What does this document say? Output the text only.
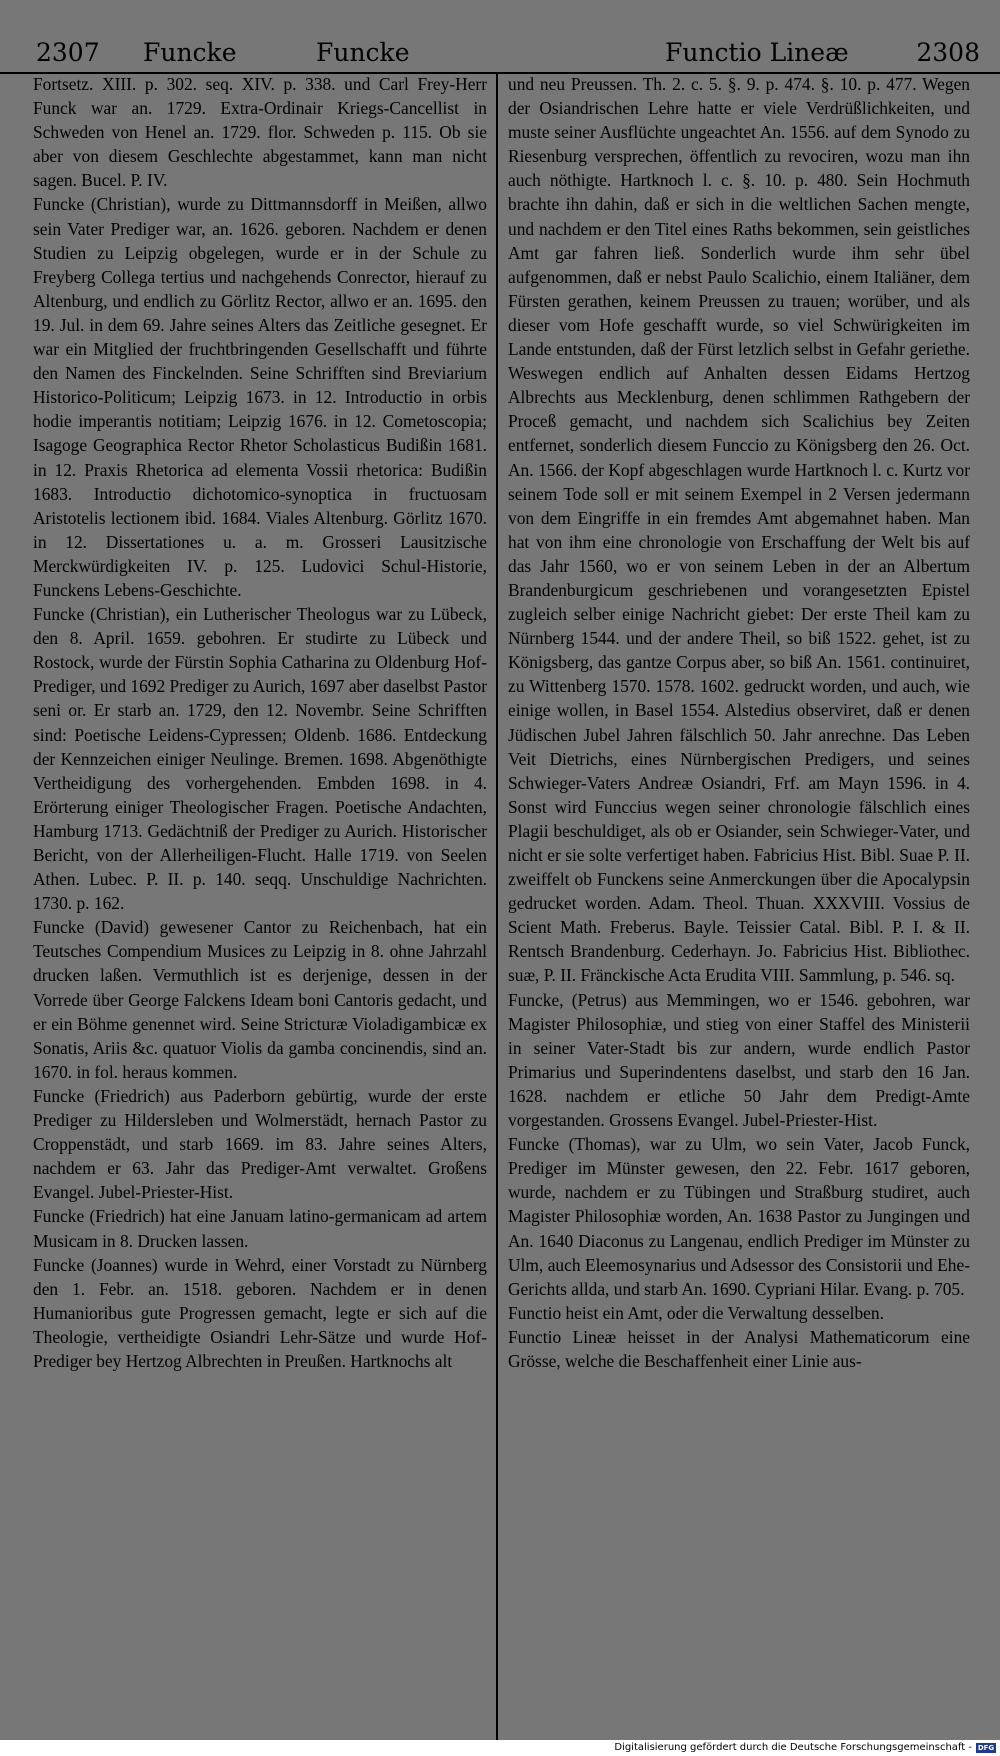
2307 Funcke	Funcke	Functio Lineæ	2308

Fortsetz. XIII. p. 302. seq. XIV. p. 338. und Carl Frey-Herr Funck war an. 1729. Extra-Ordinair Kriegs-Cancellist in Schweden von Henel an. 1729. flor. Schweden p. 115. Ob sie aber von diesem Geschlechte abgestammet, kann man nicht sagen. Bucel. P. IV.

Funcke (Christian), wurde zu Dittmannsdorff in Meißen, allwo sein Vater Prediger war, an. 1626. geboren. Nachdem er denen Studien zu Leipzig obgelegen, wurde er in der Schule zu Freyberg Collega tertius und nachgehends Conrector, hierauf zu Altenburg, und endlich zu Görlitz Rector, allwo er an. 1695. den 19. Jul. in dem 69. Jahre seines Alters das Zeitliche gesegnet. Er war ein Mitglied der fruchtbringenden Gesellschafft und führte den Namen des Finckelnden. Seine Schrifften sind Breviarium Historico-Politicum; Leipzig 1673. in 12. Introductio in orbis hodie imperantis notitiam; Leipzig 1676. in 12. Cometoscopia; Isagoge Geographica Rector Rhetor Scholasticus Budißin 1681. in 12. Praxis Rhetorica ad elementa Vossii rhetorica: Budißin 1683. Introductio dichotomico-synoptica in fructuosam Aristotelis lectionem ibid. 1684. Viales Altenburg. Görlitz 1670. in 12. Dissertationes u. a. m. Grosseri Lausitzische Merckwürdigkeiten IV. p. 125. Ludovici Schul-Historie, Funckens Lebens-Geschichte.

Funcke (Christian), ein Lutherischer Theologus war zu Lübeck, den 8. April. 1659. gebohren. Er studirte zu Lübeck und Rostock, wurde der Fürstin Sophia Catharina zu Oldenburg Hof-Prediger, und 1692 Prediger zu Aurich, 1697 aber daselbst Pastor seni or. Er starb an. 1729, den 12. Novembr. Seine Schrifften sind: Poetische Leidens-Cypressen; Oldenb. 1686. Entdeckung der Kennzeichen einiger Neulinge. Bremen. 1698. Abgenöthigte Vertheidigung des vorhergehenden. Embden 1698. in 4. Erörterung einiger Theologischer Fragen. Poetische Andachten, Hamburg 1713. Gedächtniß der Prediger zu Aurich. Historischer Bericht, von der Allerheiligen-Flucht. Halle 1719. von Seelen Athen. Lubec. P. II. p. 140. seqq. Unschuldige Nachrichten. 1730. p. 162.

Funcke (David) gewesener Cantor zu Reichenbach, hat ein Teutsches Compendium Musices zu Leipzig in 8. ohne Jahrzahl drucken laßen. Vermuthlich ist es derjenige, dessen in der Vorrede über George Falckens Ideam boni Cantoris gedacht, und er ein Böhme genennet wird. Seine Stricturæ Violadigambicæ ex Sonatis, Ariis &c. quatuor Violis da gamba concinendis, sind an. 1670. in fol. heraus kommen.

Funcke (Friedrich) aus Paderborn gebürtig, wurde der erste Prediger zu Hildersleben und Wolmerstädt, hernach Pastor zu Croppenstädt, und starb 1669. im 83. Jahre seines Alters, nachdem er 63. Jahr das Prediger-Amt verwaltet. Großens Evangel. Jubel-Priester-Hist.

Funcke (Friedrich) hat eine Januam latino-germanicam ad artem Musicam in 8. Drucken lassen.

Funcke (Joannes) wurde in Wehrd, einer Vorstadt zu Nürnberg den 1. Febr. an. 1518. geboren. Nachdem er in denen Humanioribus gute Progressen gemacht, legte er sich auf die Theologie, vertheidigte Osiandri Lehr-Sätze und wurde Hof-Prediger bey Hertzog Albrechten in Preußen. Hartknochs alt

und neu Preussen. Th. 2. c. 5. §. 9. p. 474. §. 10. p. 477. Wegen der Osiandrischen Lehre hatte er viele Verdrüßlichkeiten, und muste seiner Ausflüchte ungeachtet An. 1556. auf dem Synodo zu Riesenburg versprechen, öffentlich zu revociren, wozu man ihn auch nöthigte. Hartknoch l. c. §. 10. p. 480. Sein Hochmuth brachte ihn dahin, daß er sich in die weltlichen Sachen mengte, und nachdem er den Titel eines Raths bekommen, sein geistliches Amt gar fahren ließ. Sonderlich wurde ihm sehr übel aufgenommen, daß er nebst Paulo Scalichio, einem Italiäner, dem Fürsten gerathen, keinem Preussen zu trauen; worüber, und als dieser vom Hofe geschafft wurde, so viel Schwürigkeiten im Lande entstunden, daß der Fürst letzlich selbst in Gefahr geriethe. Weswegen endlich auf Anhalten dessen Eidams Hertzog Albrechts aus Mecklenburg, denen schlimmen Rathgebern der Proceß gemacht, und nachdem sich Scalichius bey Zeiten entfernet, sonderlich diesem Funccio zu Königsberg den 26. Oct. An. 1566. der Kopf abgeschlagen wurde Hartknoch l. c. Kurtz vor seinem Tode soll er mit seinem Exempel in 2 Versen jedermann von dem Eingriffe in ein fremdes Amt abgemahnet haben. Man hat von ihm eine chronologie von Erschaffung der Welt bis auf das Jahr 1560, wo er von seinem Leben in der an Albertum Brandenburgicum geschriebenen und vorangesetzten Epistel zugleich selber einige Nachricht giebet: Der erste Theil kam zu Nürnberg 1544. und der andere Theil, so biß 1522. gehet, ist zu Königsberg, das gantze Corpus aber, so biß An. 1561. continuiret, zu Wittenberg 1570. 1578. 1602. gedruckt worden, und auch, wie einige wollen, in Basel 1554. Alstedius observiret, daß er denen Jüdischen Jubel Jahren fälschlich 50. Jahr anrechne. Das Leben Veit Dietrichs, eines Nürnbergischen Predigers, und seines Schwieger-Vaters Andreæ Osiandri, Frf. am Mayn 1596. in 4. Sonst wird Funccius wegen seiner chronologie fälschlich eines Plagii beschuldiget, als ob er Osiander, sein Schwieger-Vater, und nicht er sie solte verfertiget haben. Fabricius Hist. Bibl. Suae P. II. zweiffelt ob Funckens seine Anmerckungen über die Apocalypsin gedrucket worden. Adam. Theol. Thuan. XXXVIII. Vossius de Scient Math. Freberus. Bayle. Teissier Catal. Bibl. P. I. & II. Rentsch Brandenburg. Cederhayn. Jo. Fabricius Hist. Bibliothec. suæ, P. II. Fränckische Acta Erudita VIII. Sammlung, p. 546. sq.

Funcke, (Petrus) aus Memmingen, wo er 1546. gebohren, war Magister Philosophiæ, und stieg von einer Staffel des Ministerii in seiner Vater-Stadt bis zur andern, wurde endlich Pastor Primarius und Superindentens daselbst, und starb den 16 Jan. 1628. nachdem er etliche 50 Jahr dem Predigt-Amte vorgestanden. Grossens Evangel. Jubel-Priester-Hist.

Funcke (Thomas), war zu Ulm, wo sein Vater, Jacob Funck, Prediger im Münster gewesen, den 22. Febr. 1617 geboren, wurde, nachdem er zu Tübingen und Straßburg studiret, auch Magister Philosophiæ worden, An. 1638 Pastor zu Jungingen und An. 1640 Diaconus zu Langenau, endlich Prediger im Münster zu Ulm, auch Eleemosynarius und Adsessor des Consistorii und Ehe-Gerichts allda, und starb An. 1690. Cypriani Hilar. Evang. p. 705.

Functio heist ein Amt, oder die Verwaltung desselben.

Functio Lineæ heisset in der Analysi Mathematicorum eine Grösse, welche die Beschaffenheit einer Linie aus-

Digitalisierung gefördert durch die Deutsche Forschungsgemeinschaft - DFG
